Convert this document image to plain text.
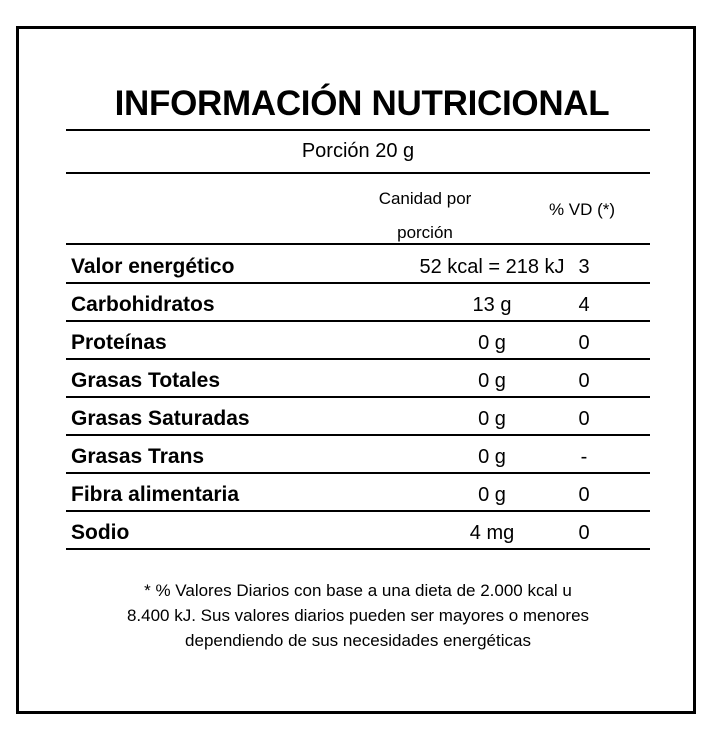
INFORMACIÓN NUTRICIONAL
Porción 20 g
Canidad por
porción
% VD (*)
Valor energético	52 kcal = 218 kJ 3
Carbohidratos	13 g	4
Proteínas	0 g	0
Grasas Totales	0 g	0
Grasas Saturadas	0 g	0
Grasas Trans	0 g	-
Fibra alimentaria	0 g	0
Sodio	4 mg	0
* % Valores Diarios con base a una dieta de 2.000 kcal u
8.400 kJ. Sus valores diarios pueden ser mayores o menores
dependiendo de sus necesidades energéticas
